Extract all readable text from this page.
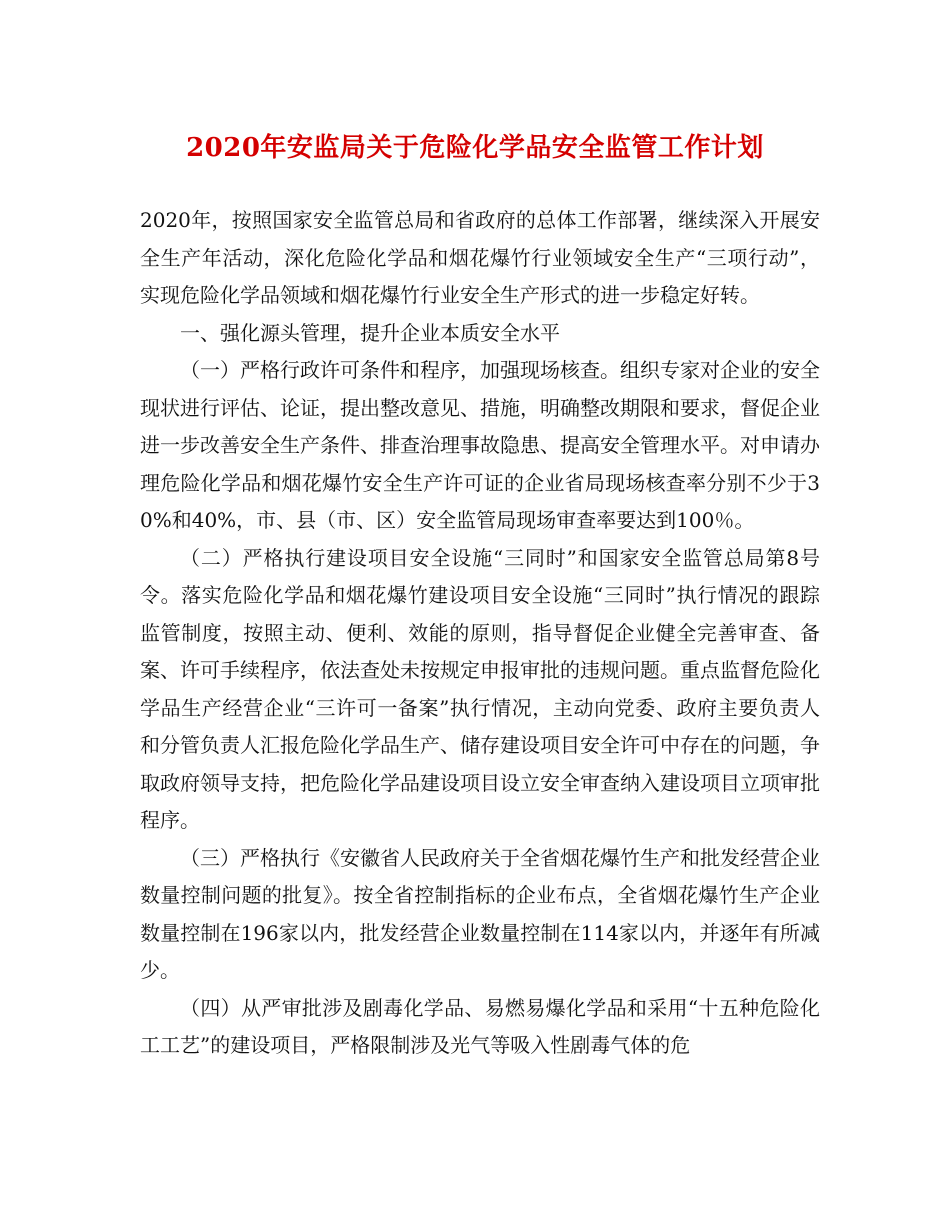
2020年安监局关于危险化学品安全监管工作计划

2020年，按照国家安全监管总局和省政府的总体工作部署，继续深入开展安全生产年活动，深化危险化学品和烟花爆竹行业领域安全生产“三项行动”，实现危险化学品领域和烟花爆竹行业安全生产形式的进一步稳定好转。

一、强化源头管理，提升企业本质安全水平

（一）严格行政许可条件和程序，加强现场核查。组织专家对企业的安全现状进行评估、论证，提出整改意见、措施，明确整改期限和要求，督促企业进一步改善安全生产条件、排查治理事故隐患、提高安全管理水平。对申请办理危险化学品和烟花爆竹安全生产许可证的企业省局现场核查率分别不少于30%和40%，市、县（市、区）安全监管局现场审查率要达到100％。

（二）严格执行建设项目安全设施“三同时”和国家安全监管总局第8号令。落实危险化学品和烟花爆竹建设项目安全设施“三同时”执行情况的跟踪监管制度，按照主动、便利、效能的原则，指导督促企业健全完善审查、备案、许可手续程序，依法查处未按规定申报审批的违规问题。重点监督危险化学品生产经营企业“三许可一备案”执行情况，主动向党委、政府主要负责人和分管负责人汇报危险化学品生产、储存建设项目安全许可中存在的问题，争取政府领导支持，把危险化学品建设项目设立安全审查纳入建设项目立项审批程序。

（三）严格执行《安徽省人民政府关于全省烟花爆竹生产和批发经营企业数量控制问题的批复》。按全省控制指标的企业布点，全省烟花爆竹生产企业数量控制在196家以内，批发经营企业数量控制在114家以内，并逐年有所减少。

（四）从严审批涉及剧毒化学品、易燃易爆化学品和采用“十五种危险化工工艺”的建设项目，严格限制涉及光气等吸入性剧毒气体的危
